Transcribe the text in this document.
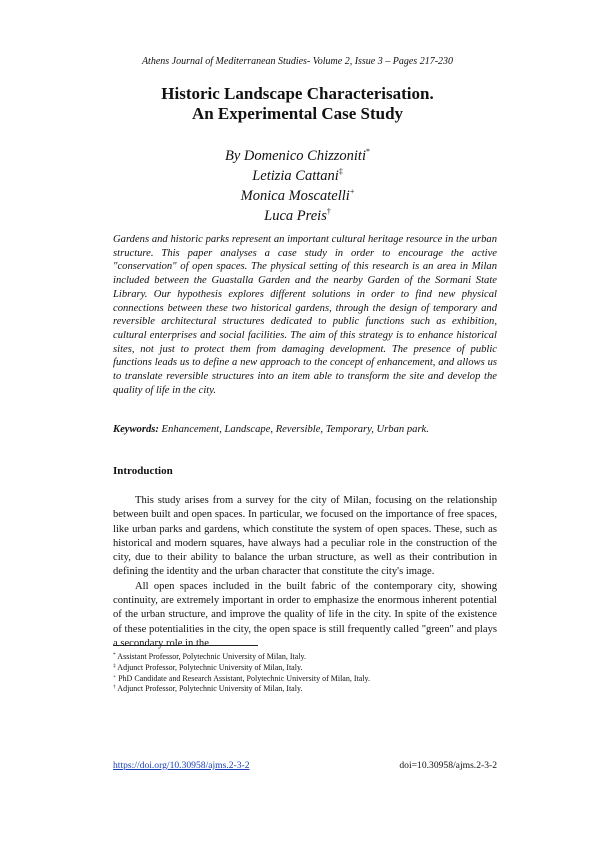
Athens Journal of Mediterranean Studies- Volume 2, Issue 3 – Pages 217-230
Historic Landscape Characterisation.
An Experimental Case Study
By Domenico Chizzoniti*
Letizia Cattani‡
Monica Moscatelli+
Luca Preis†

Gardens and historic parks represent an important cultural heritage resource in the urban structure. This paper analyses a case study in order to encourage the active "conservation" of open spaces. The physical setting of this research is an area in Milan included between the Guastalla Garden and the nearby Garden of the Sormani State Library. Our hypothesis explores different solutions in order to find new physical connections between these two historical gardens, through the design of temporary and reversible architectural structures dedicated to public functions such as exhibition, cultural enterprises and social facilities. The aim of this strategy is to enhance historical sites, not just to protect them from damaging development. The presence of public functions leads us to define a new approach to the concept of enhancement, and allows us to translate reversible structures into an item able to transform the site and develop the quality of life in the city.

Keywords: Enhancement, Landscape, Reversible, Temporary, Urban park.

Introduction

This study arises from a survey for the city of Milan, focusing on the relationship between built and open spaces. In particular, we focused on the importance of free spaces, like urban parks and gardens, which constitute the system of open spaces. These, such as historical and modern squares, have always had a peculiar role in the construction of the city, due to their ability to balance the urban structure, as well as their contribution in defining the identity and the urban character that constitute the city's image.

All open spaces included in the built fabric of the contemporary city, showing continuity, are extremely important in order to emphasize the enormous inherent potential of the urban structure, and improve the quality of life in the city. In spite of the existence of these potentialities in the city, the open space is still frequently called "green" and plays a secondary role in the

* Assistant Professor, Polytechnic University of Milan, Italy.
‡ Adjunct Professor, Polytechnic University of Milan, Italy.
+ PhD Candidate and Research Assistant, Polytechnic University of Milan, Italy.
† Adjunct Professor, Polytechnic University of Milan, Italy.
https://doi.org/10.30958/ajms.2-3-2	doi=10.30958/ajms.2-3-2
